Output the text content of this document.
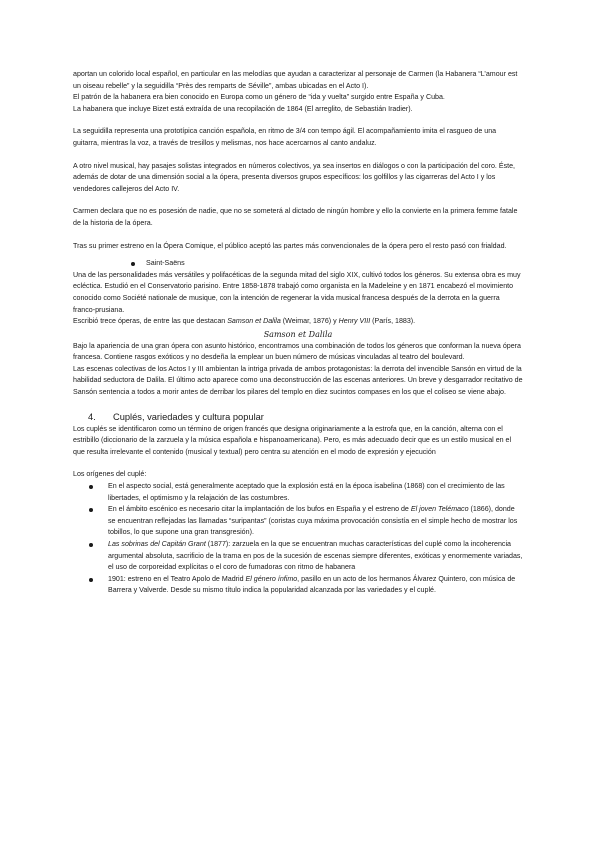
aportan un colorido local español, en particular en las melodías que ayudan a caracterizar al personaje de Carmen (la Habanera “L’amour est un oiseau rebelle” y la seguidilla “Près des remparts de Séville”, ambas ubicadas en el Acto I).

El patrón de la habanera era bien conocido en Europa como un género de “ida y vuelta” surgido entre España y Cuba.

La habanera que incluye Bizet está extraída de una recopilación de 1864 (El arreglito, de Sebastián Iradier).

La seguidilla representa una prototípica canción española, en ritmo de 3/4 con tempo ágil. El acompañamiento imita el rasgueo de una guitarra, mientras la voz, a través de tresillos y melismas, nos hace acercarnos al canto andaluz.

A otro nivel musical, hay pasajes solistas integrados en números colectivos, ya sea insertos en diálogos o con la participación del coro. Éste, además de dotar de una dimensión social a la ópera, presenta diversos grupos específicos: los golfillos y las cigarreras del Acto I y los vendedores callejeros del Acto IV.

Carmen declara que no es posesión de nadie, que no se someterá al dictado de ningún hombre y ello la convierte en la primera femme fatale de la historia de la ópera.

Tras su primer estreno en la Ópera Comique, el público aceptó las partes más convencionales de la ópera pero el resto pasó con frialdad.

Saint-Saëns

Una de las personalidades más versátiles y polifacéticas de la segunda mitad del siglo XIX, cultivó todos los géneros. Su extensa obra es muy ecléctica. Estudió en el Conservatorio parisino. Entre 1858-1878 trabajó como organista en la Madeleine y en 1871 encabezó el movimiento conocido como Société nationale de musique, con la intención de regenerar la vida musical francesa después de la derrota en la guerra franco-prusiana.

Escribió trece óperas, de entre las que destacan Samson et Dalila (Weimar, 1876) y Henry VIII (París, 1883).

Samson et Dalila

Bajo la apariencia de una gran ópera con asunto histórico, encontramos una combinación de todos los géneros que conforman la nueva ópera francesa. Contiene rasgos exóticos y no desdeña la emplear un buen número de músicas vinculadas al teatro del boulevard.

Las escenas colectivas de los Actos I y III ambientan la intriga privada de ambos protagonistas: la derrota del invencible Sansón en virtud de la habilidad seductora de Dalila. El último acto aparece como una deconstrucción de las escenas anteriores. Un breve y desgarrador recitativo de Sansón sentencia a todos a morir antes de derribar los pilares del templo en diez sucintos compases en los que el coliseo se viene abajo.

4.	Cuplés, variedades y cultura popular

Los cuplés se identificaron como un término de origen francés que designa originariamente a la estrofa que, en la canción, alterna con el estribillo (diccionario de la zarzuela y la música española e hispanoamericana). Pero, es más adecuado decir que es un estilo musical en el que resulta irrelevante el contenido (musical y textual) pero centra su atención en el modo de expresión y ejecución

Los orígenes del cuplé:

En el aspecto social, está generalmente aceptado que la explosión está en la época isabelina (1868) con el crecimiento de las libertades, el optimismo y la relajación de las costumbres.
En el ámbito escénico es necesario citar la implantación de los bufos en España y el estreno de El joven Telémaco (1866), donde se encuentran reflejadas las llamadas “suripantas” (coristas cuya máxima provocación consistía en el simple hecho de mostrar los tobillos, lo que supone una gran transgresión).
Las sobrinas del Capitán Grant (1877): zarzuela en la que se encuentran muchas características del cuplé como la incoherencia argumental absoluta, sacrificio de la trama en pos de la sucesión de escenas siempre diferentes, exóticas y enormemente variadas, el uso de corporeidad explícitas o el coro de fumadoras con ritmo de habanera
1901: estreno en el Teatro Apolo de Madrid El género ínfimo, pasillo en un acto de los hermanos Álvarez Quintero, con música de Barrera y Valverde. Desde su mismo título indica la popularidad alcanzada por las variedades y el cuplé.
